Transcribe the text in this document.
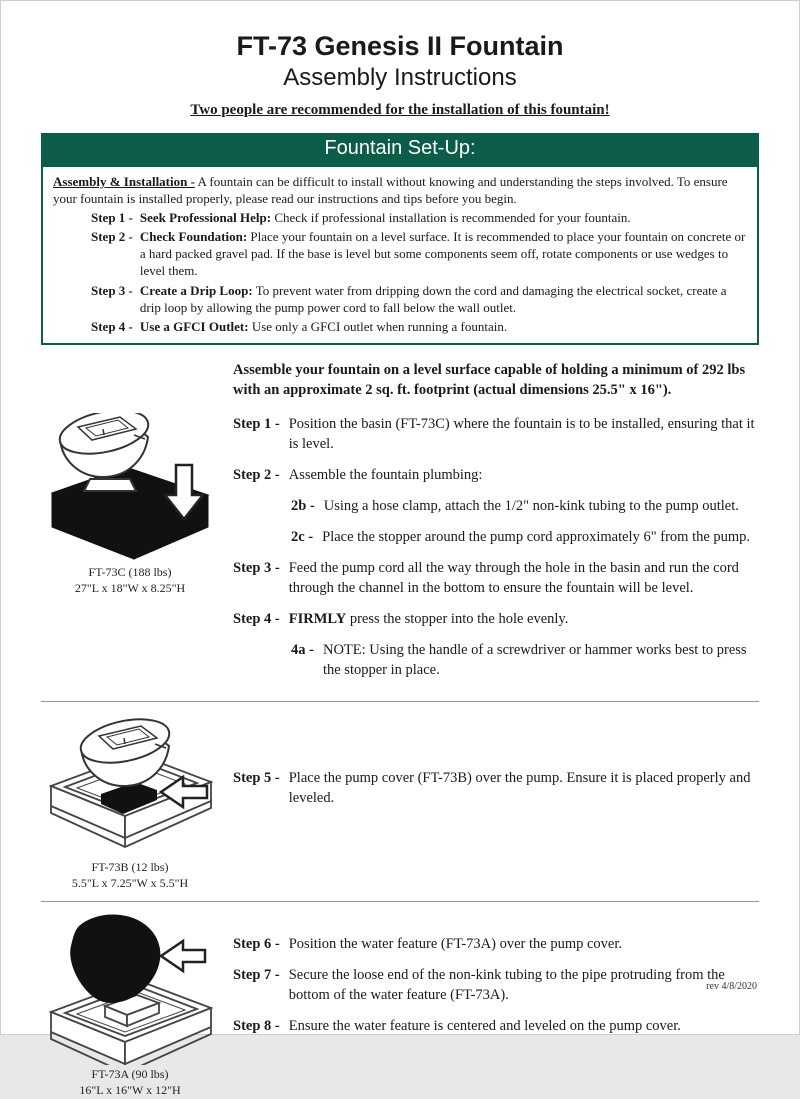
FT-73 Genesis II Fountain
Assembly Instructions
Two people are recommended for the installation of this fountain!
Fountain Set-Up:

Assembly & Installation - A fountain can be difficult to install without knowing and understanding the steps involved. To ensure your fountain is installed properly, please read our instructions and tips before you begin.

Step 1 - Seek Professional Help: Check if professional installation is recommended for your fountain.
Step 2 - Check Foundation: Place your fountain on a level surface. It is recommended to place your fountain on concrete or a hard packed gravel pad. If the base is level but some components seem off, rotate components or use wedges to level them.
Step 3 - Create a Drip Loop: To prevent water from dripping down the cord and damaging the electrical socket, create a drip loop by allowing the pump power cord to fall below the wall outlet.
Step 4 - Use a GFCI Outlet: Use only a GFCI outlet when running a fountain.
FT-73C (188 lbs)
27"L x 18"W x 8.25"H

Assemble your fountain on a level surface capable of holding a minimum of 292 lbs with an approximate 2 sq. ft. footprint (actual dimensions 25.5" x 16").

Step 1 - Position the basin (FT-73C) where the fountain is to be installed, ensuring that it is level.
Step 2 - Assemble the fountain plumbing:
2b - Using a hose clamp, attach the 1/2" non-kink tubing to the pump outlet.
2c - Place the stopper around the pump cord approximately 6" from the pump.
Step 3 - Feed the pump cord all the way through the hole in the basin and run the cord through the channel in the bottom to ensure the fountain will be level.
Step 4 - FIRMLY press the stopper into the hole evenly.
4a - NOTE: Using the handle of a screwdriver or hammer works best to press the stopper in place.
FT-73B (12 lbs)
5.5"L x 7.25"W x 5.5"H
Step 5 - Place the pump cover (FT-73B) over the pump. Ensure it is placed properly and leveled.
FT-73A (90 lbs)
16"L x 16"W x 12"H
Step 6 - Position the water feature (FT-73A) over the pump cover.
Step 7 - Secure the loose end of the non-kink tubing to the pipe protruding from the bottom of the water feature (FT-73A).
Step 8 - Ensure the water feature is centered and leveled on the pump cover.
rev 4/8/2020
